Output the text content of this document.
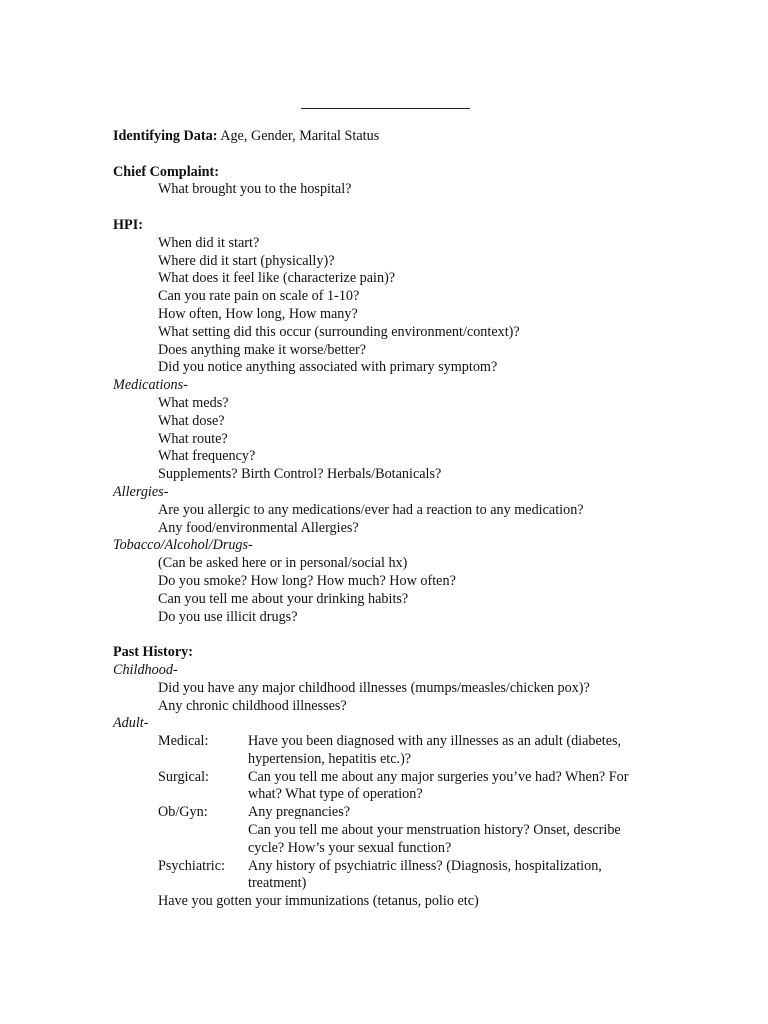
Identifying Data: Age, Gender, Marital Status
Chief Complaint:
What brought you to the hospital?
HPI:
When did it start?
Where did it start (physically)?
What does it feel like (characterize pain)?
Can you rate pain on scale of 1-10?
How often, How long, How many?
What setting did this occur (surrounding environment/context)?
Does anything make it worse/better?
Did you notice anything associated with primary symptom?
Medications-
What meds?
What dose?
What route?
What frequency?
Supplements? Birth Control? Herbals/Botanicals?
Allergies-
Are you allergic to any medications/ever had a reaction to any medication?
Any food/environmental Allergies?
Tobacco/Alcohol/Drugs-
(Can be asked here or in personal/social hx)
Do you smoke? How long? How much? How often?
Can you tell me about your drinking habits?
Do you use illicit drugs?
Past History:
Childhood-
Did you have any major childhood illnesses (mumps/measles/chicken pox)?
Any chronic childhood illnesses?
Adult-
Medical:	Have you been diagnosed with any illnesses as an adult (diabetes,
hypertension, hepatitis etc.)?
Surgical:	Can you tell me about any major surgeries you’ve had? When? For
what? What type of operation?
Ob/Gyn:	Any pregnancies?
Can you tell me about your menstruation history? Onset, describe
cycle? How’s your sexual function?
Psychiatric:	Any history of psychiatric illness? (Diagnosis, hospitalization,
treatment)
Have you gotten your immunizations (tetanus, polio etc)
